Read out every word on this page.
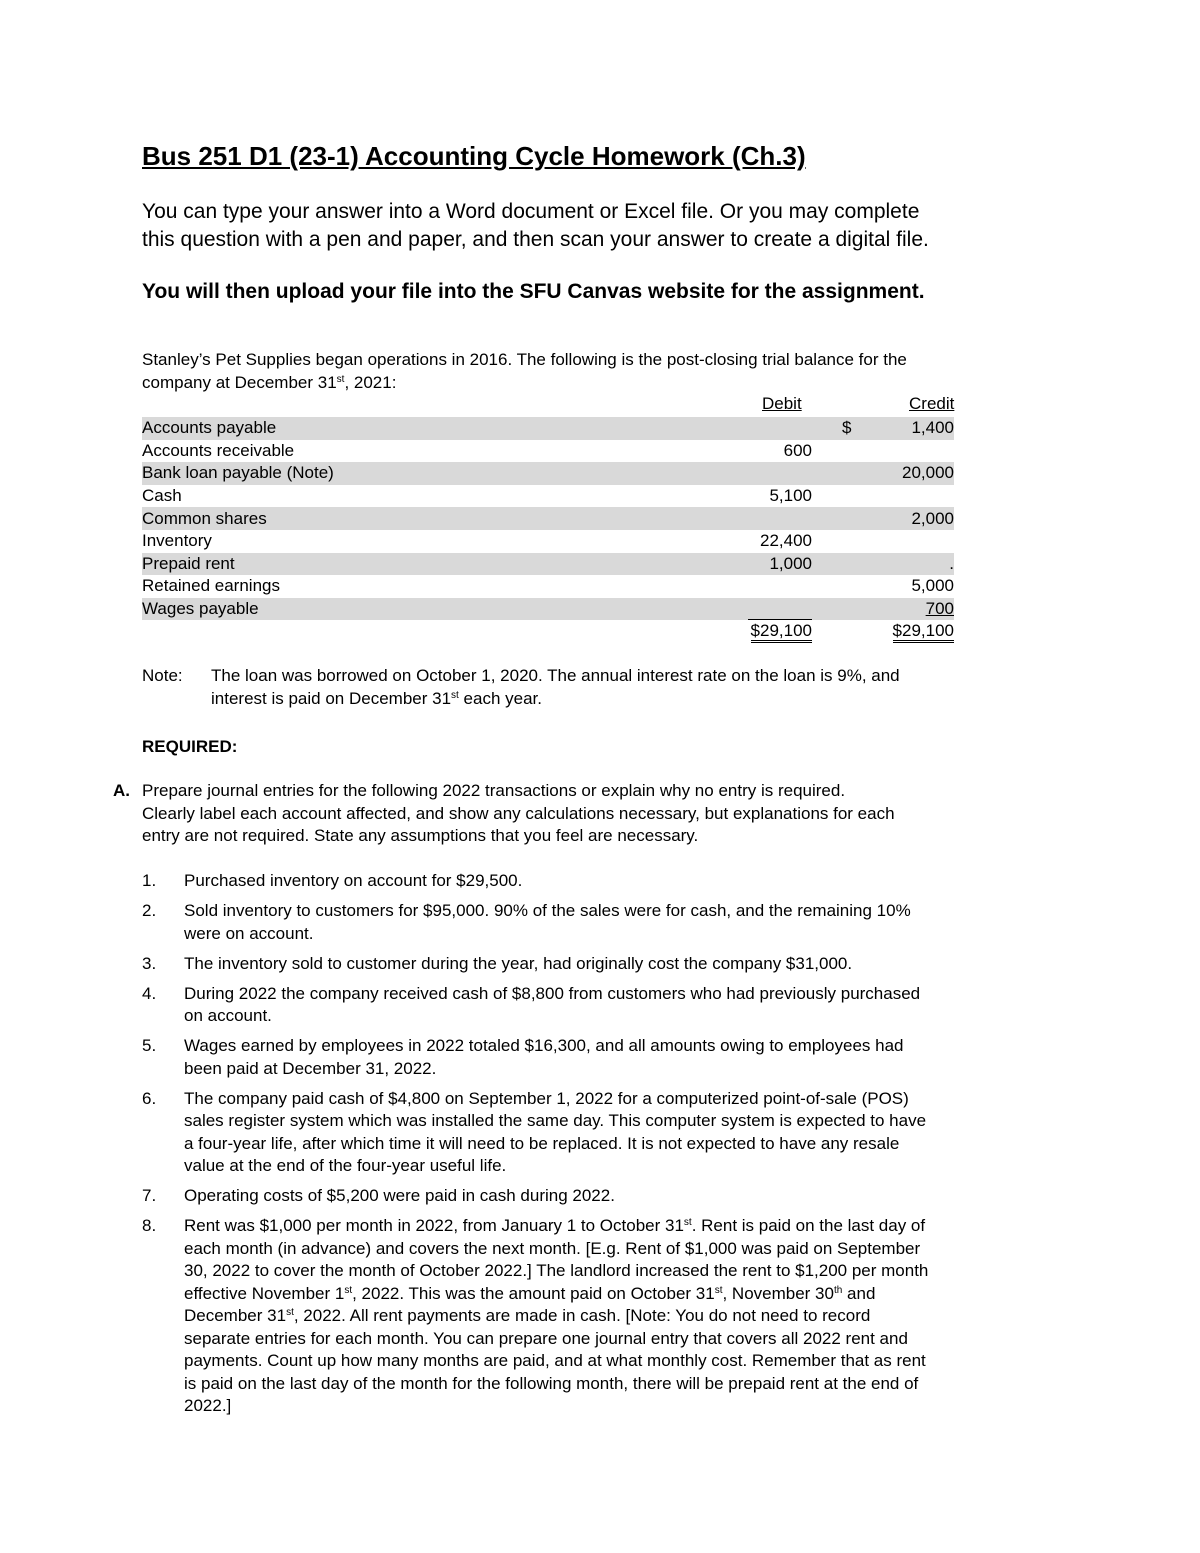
Bus 251 D1 (23-1) Accounting Cycle Homework (Ch.3)
You can type your answer into a Word document or Excel file. Or you may complete
this question with a pen and paper, and then scan your answer to create a digital file.
You will then upload your file into the SFU Canvas website for the assignment.
Stanley’s Pet Supplies began operations in 2016. The following is the post-closing trial balance for the
company at December 31st, 2021:
Debit	Credit
Accounts payable			$ 1,400
Accounts receivable	600		
Bank loan payable (Note)			20,000
Cash	5,100		
Common shares			2,000
Inventory	22,400		
Prepaid rent	1,000		.
Retained earnings			5,000
Wages payable			700
	$29,100		$29,100
Note: The loan was borrowed on October 1, 2020. The annual interest rate on the loan is 9%, and
interest is paid on December 31st each year.
REQUIRED:
A. Prepare journal entries for the following 2022 transactions or explain why no entry is required.
Clearly label each account affected, and show any calculations necessary, but explanations for each
entry are not required. State any assumptions that you feel are necessary.
1. Purchased inventory on account for $29,500.
2. Sold inventory to customers for $95,000. 90% of the sales were for cash, and the remaining 10%
were on account.
3. The inventory sold to customer during the year, had originally cost the company $31,000.
4. During 2022 the company received cash of $8,800 from customers who had previously purchased
on account.
5. Wages earned by employees in 2022 totaled $16,300, and all amounts owing to employees had
been paid at December 31, 2022.
6. The company paid cash of $4,800 on September 1, 2022 for a computerized point-of-sale (POS)
sales register system which was installed the same day. This computer system is expected to have
a four-year life, after which time it will need to be replaced. It is not expected to have any resale
value at the end of the four-year useful life.
7. Operating costs of $5,200 were paid in cash during 2022.
8. Rent was $1,000 per month in 2022, from January 1 to October 31st. Rent is paid on the last day of
each month (in advance) and covers the next month. [E.g. Rent of $1,000 was paid on September
30, 2022 to cover the month of October 2022.] The landlord increased the rent to $1,200 per month
effective November 1st, 2022. This was the amount paid on October 31st, November 30th and
December 31st, 2022. All rent payments are made in cash. [Note: You do not need to record
separate entries for each month. You can prepare one journal entry that covers all 2022 rent and
payments. Count up how many months are paid, and at what monthly cost. Remember that as rent
is paid on the last day of the month for the following month, there will be prepaid rent at the end of
2022.]
